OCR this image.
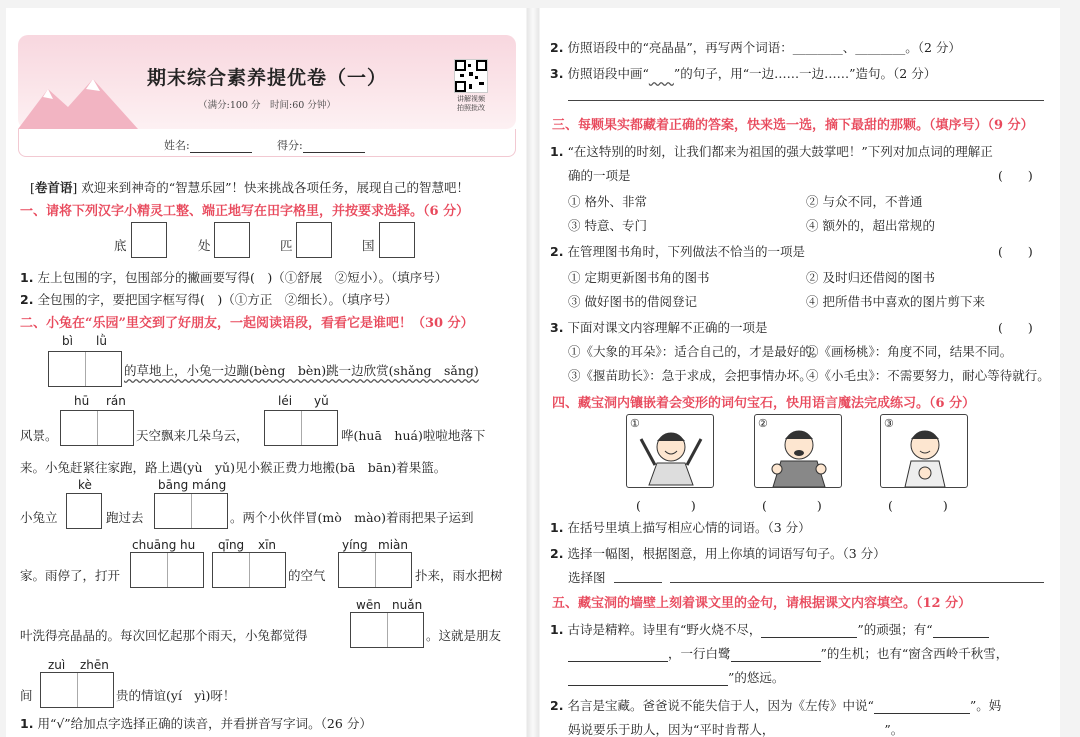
期末综合素养提优卷（一）
（满分:100 分　时间:60 分钟）
讲解视频
拍照批改
姓名:	得分:
[卷首语] 欢迎来到神奇的“智慧乐园”！快来挑战各项任务，展现自己的智慧吧！
一、请将下列汉字小精灵工整、端正地写在田字格里，并按要求选择。（6 分）
底	处	匹	国
1. 左上包围的字，包围部分的撇画要写得(　)（①舒展　②短小）。（填序号）
2. 全包围的字，要把国字框写得(　)（①方正　②细长）。（填序号）
二、小兔在“乐园”里交到了好朋友，一起阅读语段，看看它是谁吧！（30 分）
bì lǜ
的草地上，小兔一边蹦(bèng　bèn)跳一边欣赏(shǎng　sǎng)
hū rán	léi yǔ
风景。	天空飘来几朵乌云，	哗(huā　huá)啦啦地落下
来。小兔赶紧往家跑，路上遇(yù　yǔ)见小猴正费力地搬(bā　bān)着果篮。
kè	bāng máng
小兔立	跑过去	。两个小伙伴冒(mò　mào)着雨把果子运到
chuāng hu qīng xīn	yíng miàn
家。雨停了，打开	的空气	扑来，雨水把树
wēn nuǎn
叶洗得亮晶晶的。每次回忆起那个雨天，小兔都觉得	。这就是朋友
zuì zhēn
间	贵的情谊(yí　yì)呀！
1. 用“√”给加点字选择正确的读音，并看拼音写字词。（26 分）
2. 仿照语段中的“亮晶晶”，再写两个词语：________、________。（2 分）
3. 仿照语段中画“　　 ”的句子，用“一边……一边……”造句。（2 分）
三、每颗果实都藏着正确的答案，快来选一选，摘下最甜的那颗。（填序号）（9 分）
1. “在这特别的时刻，让我们都来为祖国的强大鼓掌吧！”下列对加点词的理解正
确的一项是	(　　)
① 格外、非常	② 与众不同，不普通
③ 特意、专门	④ 额外的，超出常规的
2. 在管理图书角时，下列做法不恰当的一项是	(　　)
① 定期更新图书角的图书	② 及时归还借阅的图书
③ 做好图书的借阅登记	④ 把所借书中喜欢的图片剪下来
3. 下面对课文内容理解不正确的一项是	(　　)
①《大象的耳朵》：适合自己的，才是最好的。
②《画杨桃》：角度不同，结果不同。
③《揠苗助长》：急于求成，会把事情办坏。
④《小毛虫》：不需要努力，耐心等待就行。
四、藏宝洞内镶嵌着会变形的词句宝石，快用语言魔法完成练习。（6 分）
①	②	③
(　　　　)	(　　　　)	(　　　　)
1. 在括号里填上描写相应心情的词语。（3 分）
2. 选择一幅图，根据图意，用上你填的词语写句子。（3 分）
选择图
五、藏宝洞的墙壁上刻着课文里的金句，请根据课文内容填空。（12 分）
1. 古诗是精粹。诗里有“野火烧不尽，	”的顽强；有“
，一行白鹭	”的生机；也有“窗含西岭千秋雪，
”的悠远。
2. 名言是宝藏。爸爸说不能失信于人，因为《左传》中说“	”。妈
妈说要乐于助人，因为“平时肯帮人，	”。
